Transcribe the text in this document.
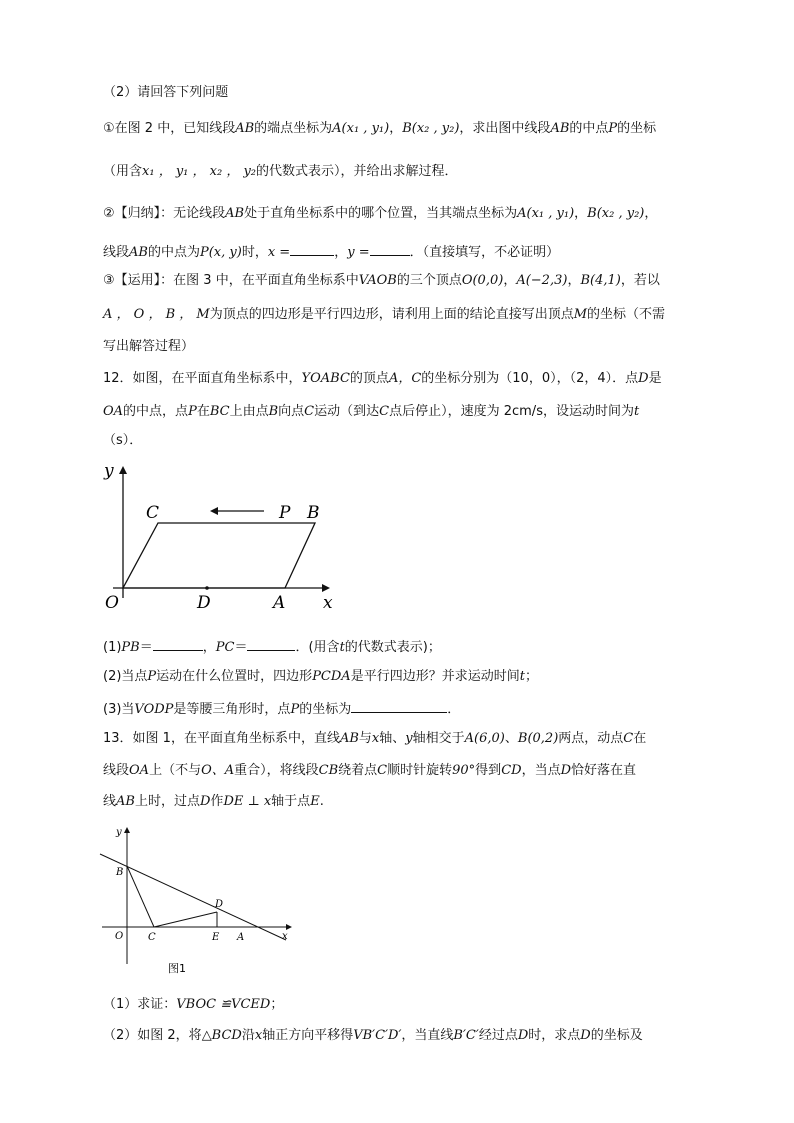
（2）请回答下列问题
①在图 2 中，已知线段AB的端点坐标为A(x₁ , y₁)，B(x₂ , y₂)，求出图中线段AB的中点P的坐标
（用含x₁ ， y₁ ， x₂ ， y₂的代数式表示），并给出求解过程．
②【归纳】：无论线段AB处于直角坐标系中的哪个位置，当其端点坐标为A(x₁ , y₁)，B(x₂ , y₂)，
线段AB的中点为P(x, y)时，x =	，y =	．（直接填写，不必证明）
③【运用】：在图 3 中，在平面直角坐标系中VAOB的三个顶点O(0,0)，A(−2,3)，B(4,1)，若以
A ， O ， B ， M为顶点的四边形是平行四边形，请利用上面的结论直接写出顶点M的坐标（不需
写出解答过程）
12．如图，在平面直角坐标系中，YOABC的顶点A，C的坐标分别为（10，0），（2，4）．点D是
OA的中点，点P在BC上由点B向点C运动（到达C点后停止），速度为 2cm/s，设运动时间为t
（s）．
y
x
O	D	A
C	P B
(1)PB＝	，PC＝	．(用含t的代数式表示)；
(2)当点P运动在什么位置时，四边形PCDA是平行四边形？并求运动时间t；
(3)当VODP是等腰三角形时，点P的坐标为	．
13．如图 1，在平面直角坐标系中，直线AB与x轴、y轴相交于A(6,0)、B(0,2)两点，动点C在
线段OA上（不与O、A重合），将线段CB绕着点C顺时针旋转90°得到CD，当点D恰好落在直
线AB上时，过点D作DE ⊥ x轴于点E.
y
B
D
O C	E A	x
图1
（1）求证：VBOC ≌VCED；
（2）如图 2，将△BCD沿x轴正方向平移得VB′C′D′，当直线B′C′经过点D时，求点D的坐标及
